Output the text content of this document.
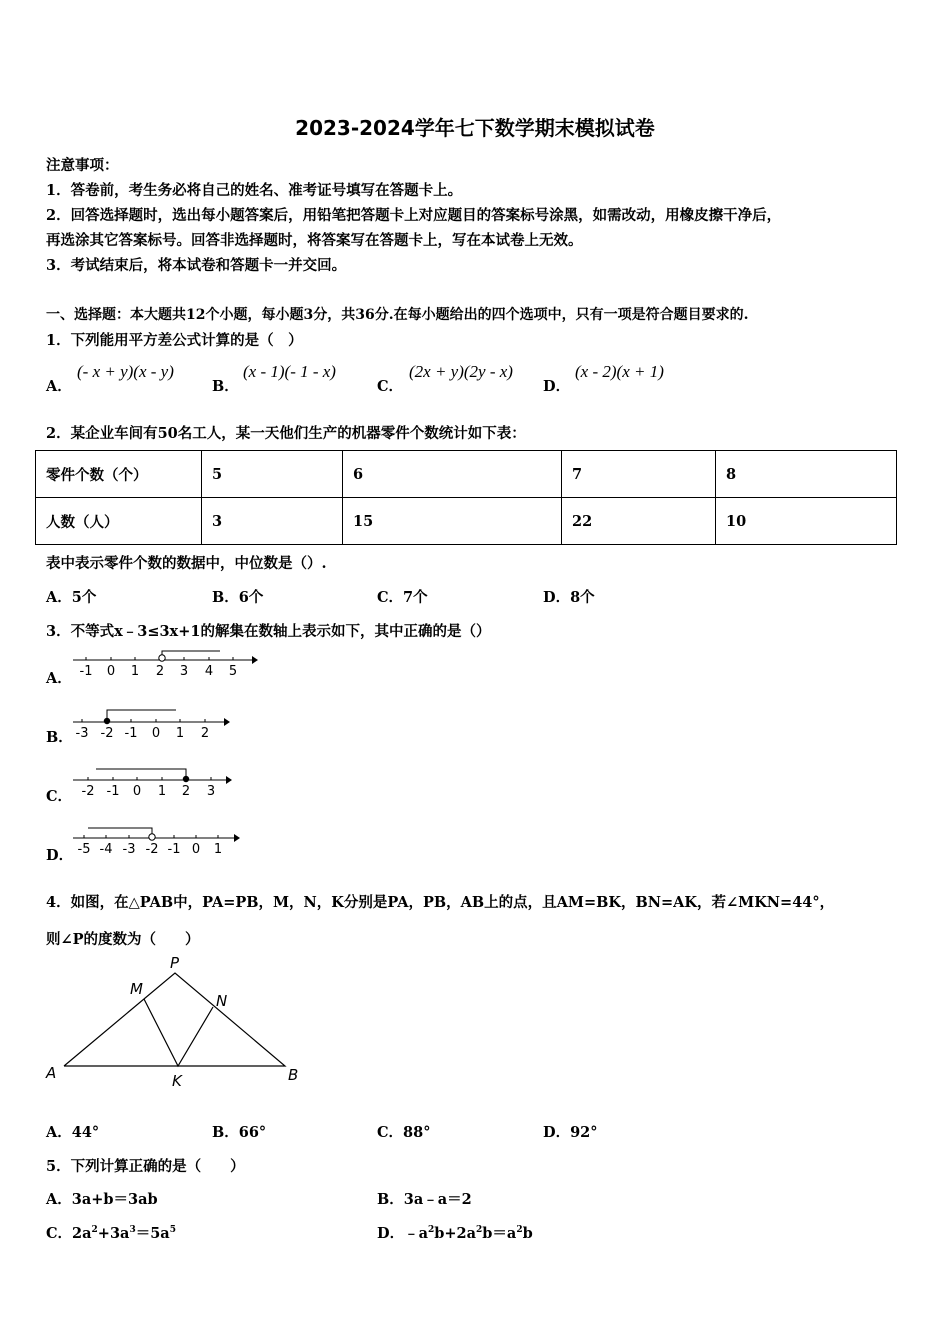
2023-2024学年七下数学期末模拟试卷
注意事项：
1．答卷前，考生务必将自己的姓名、准考证号填写在答题卡上。
2．回答选择题时，选出每小题答案后，用铅笔把答题卡上对应题目的答案标号涂黑，如需改动，用橡皮擦干净后，
再选涂其它答案标号。回答非选择题时，将答案写在答题卡上，写在本试卷上无效。
3．考试结束后，将本试卷和答题卡一并交回。
一、选择题：本大题共12个小题，每小题3分，共36分.在每小题给出的四个选项中，只有一项是符合题目要求的.
1．下列能用平方差公式计算的是（　）
A．
(- x + y)(x - y)
B．
(x - 1)(- 1 - x)
C．
(2x + y)(2y - x)
D．
(x - 2)(x + 1)
2．某企业车间有50名工人，某一天他们生产的机器零件个数统计如下表：
零件个数（个）	5	6	7	8
人数（人）	3	15	22	10
表中表示零件个数的数据中，中位数是（）.
A．5个	B．6个	C．7个	D．8个
3．不等式x﹣3≤3x+1的解集在数轴上表示如下，其中正确的是（）
A． -1 0 1 2 3 4 5
B． -3 -2 -1 0 1 2
C． -2 -1 0 1 2 3
D． -5 -4 -3 -2 -1 0 1
4．如图，在△PAB中，PA=PB，M，N，K分别是PA，PB，AB上的点，且AM=BK，BN=AK，若∠MKN=44°，
则∠P的度数为（　　）
P
M
N
A	K	B
A．44°	B．66°	C．88°	D．92°
5．下列计算正确的是（　　）
A．3a+b＝3ab	B．3a﹣a＝2
C．$2a^2+3a^3=5a^5$	D．$﹣a^2b+2a^2b=a^2b$
